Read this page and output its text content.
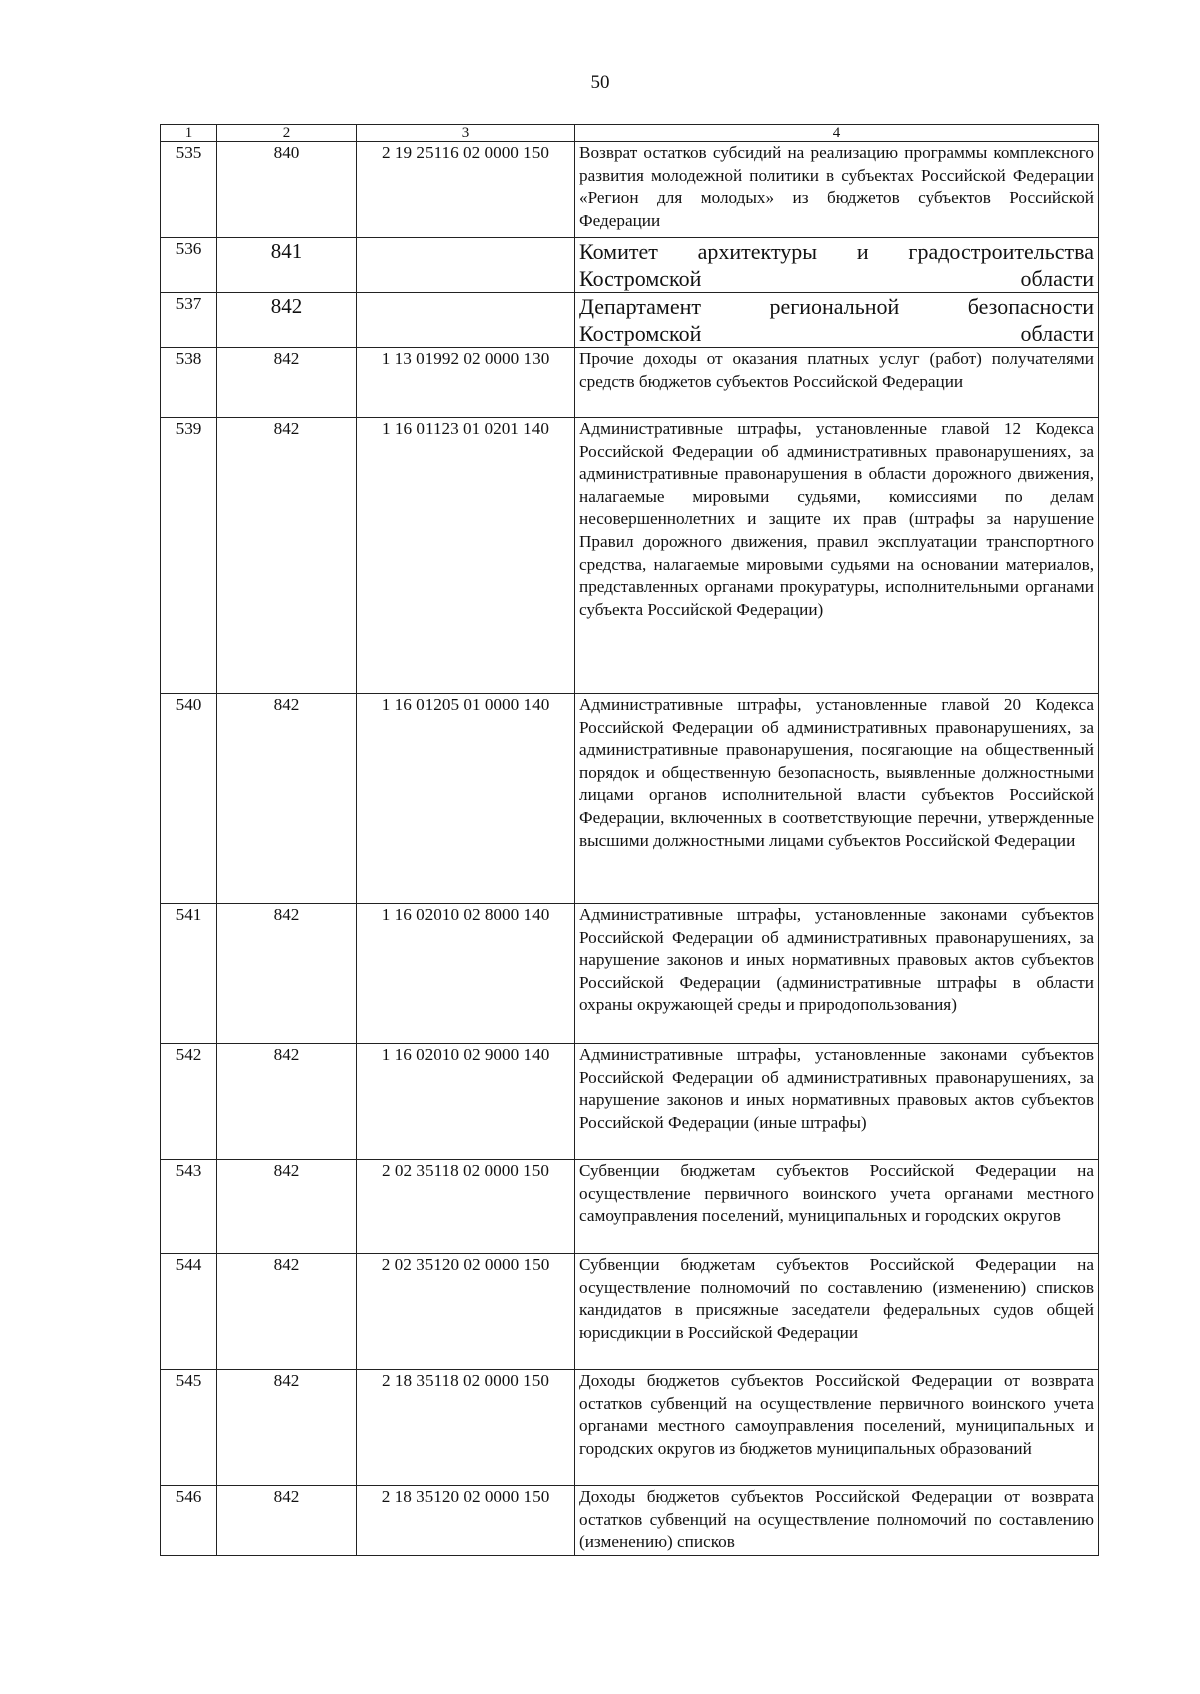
50
1	2	3	4
535	840	2 19 25116 02 0000 150	Возврат остатков субсидий на реализацию программы комплексного развития молодежной политики в субъектах Российской Федерации «Регион для молодых» из бюджетов субъектов Российской Федерации
536	841		Комитет архитектуры и градостроительства Костромской области
537	842		Департамент региональной безопасности Костромской области
538	842	1 13 01992 02 0000 130	Прочие доходы от оказания платных услуг (работ) получателями средств бюджетов субъектов Российской Федерации
539	842	1 16 01123 01 0201 140	Административные штрафы, установленные главой 12 Кодекса Российской Федерации об административных правонарушениях, за административные правонарушения в области дорожного движения, налагаемые мировыми судьями, комиссиями по делам несовершеннолетних и защите их прав (штрафы за нарушение Правил дорожного движения, правил эксплуатации транспортного средства, налагаемые мировыми судьями на основании материалов, представленных органами прокуратуры, исполнительными органами субъекта Российской Федерации)
540	842	1 16 01205 01 0000 140	Административные штрафы, установленные главой 20 Кодекса Российской Федерации об административных правонарушениях, за административные правонарушения, посягающие на общественный порядок и общественную безопасность, выявленные должностными лицами органов исполнительной власти субъектов Российской Федерации, включенных в соответствующие перечни, утвержденные высшими должностными лицами субъектов Российской Федерации
541	842	1 16 02010 02 8000 140	Административные штрафы, установленные законами субъектов Российской Федерации об административных правонарушениях, за нарушение законов и иных нормативных правовых актов субъектов Российской Федерации (административные штрафы в области охраны окружающей среды и природопользования)
542	842	1 16 02010 02 9000 140	Административные штрафы, установленные законами субъектов Российской Федерации об административных правонарушениях, за нарушение законов и иных нормативных правовых актов субъектов Российской Федерации (иные штрафы)
543	842	2 02 35118 02 0000 150	Субвенции бюджетам субъектов Российской Федерации на осуществление первичного воинского учета органами местного самоуправления поселений, муниципальных и городских округов
544	842	2 02 35120 02 0000 150	Субвенции бюджетам субъектов Российской Федерации на осуществление полномочий по составлению (изменению) списков кандидатов в присяжные заседатели федеральных судов общей юрисдикции в Российской Федерации
545	842	2 18 35118 02 0000 150	Доходы бюджетов субъектов Российской Федерации от возврата остатков субвенций на осуществление первичного воинского учета органами местного самоуправления поселений, муниципальных и городских округов из бюджетов муниципальных образований
546	842	2 18 35120 02 0000 150	Доходы бюджетов субъектов Российской Федерации от возврата остатков субвенций на осуществление полномочий по составлению (изменению) списков
